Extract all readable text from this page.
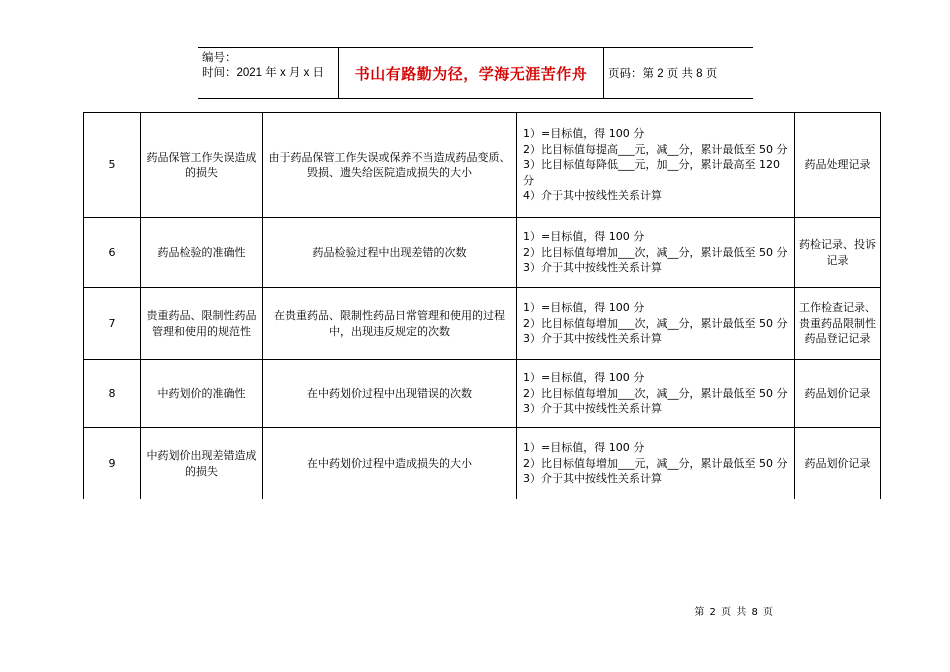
编号：
时间：2021 年 x 月 x 日	书山有路勤为径，学海无涯苦作舟	页码：第 2 页 共 8 页
5	药品保管工作失误造成的损失	由于药品保管工作失误或保养不当造成药品变质、毁损、遗失给医院造成损失的大小	1）=目标值，得 100 分
2）比目标值每提高___元，减__分，累计最低至 50 分
3）比目标值每降低___元，加__分，累计最高至 120 分
4）介于其中按线性关系计算	药品处理记录
6	药品检验的准确性	药品检验过程中出现差错的次数	1）=目标值，得 100 分
2）比目标值每增加___次，减__分，累计最低至 50 分
3）介于其中按线性关系计算	药检记录、投诉记录
7	贵重药品、限制性药品管理和使用的规范性	在贵重药品、限制性药品日常管理和使用的过程中，出现违反规定的次数	1）=目标值，得 100 分
2）比目标值每增加___次，减__分，累计最低至 50 分
3）介于其中按线性关系计算	工作检查记录、贵重药品限制性药品登记记录
8	中药划价的准确性	在中药划价过程中出现错误的次数	1）=目标值，得 100 分
2）比目标值每增加___次，减__分，累计最低至 50 分
3）介于其中按线性关系计算	药品划价记录
9	中药划价出现差错造成的损失	在中药划价过程中造成损失的大小	1）=目标值，得 100 分
2）比目标值每增加___元，减__分，累计最低至 50 分
3）介于其中按线性关系计算	药品划价记录
第 2 页 共 8 页
